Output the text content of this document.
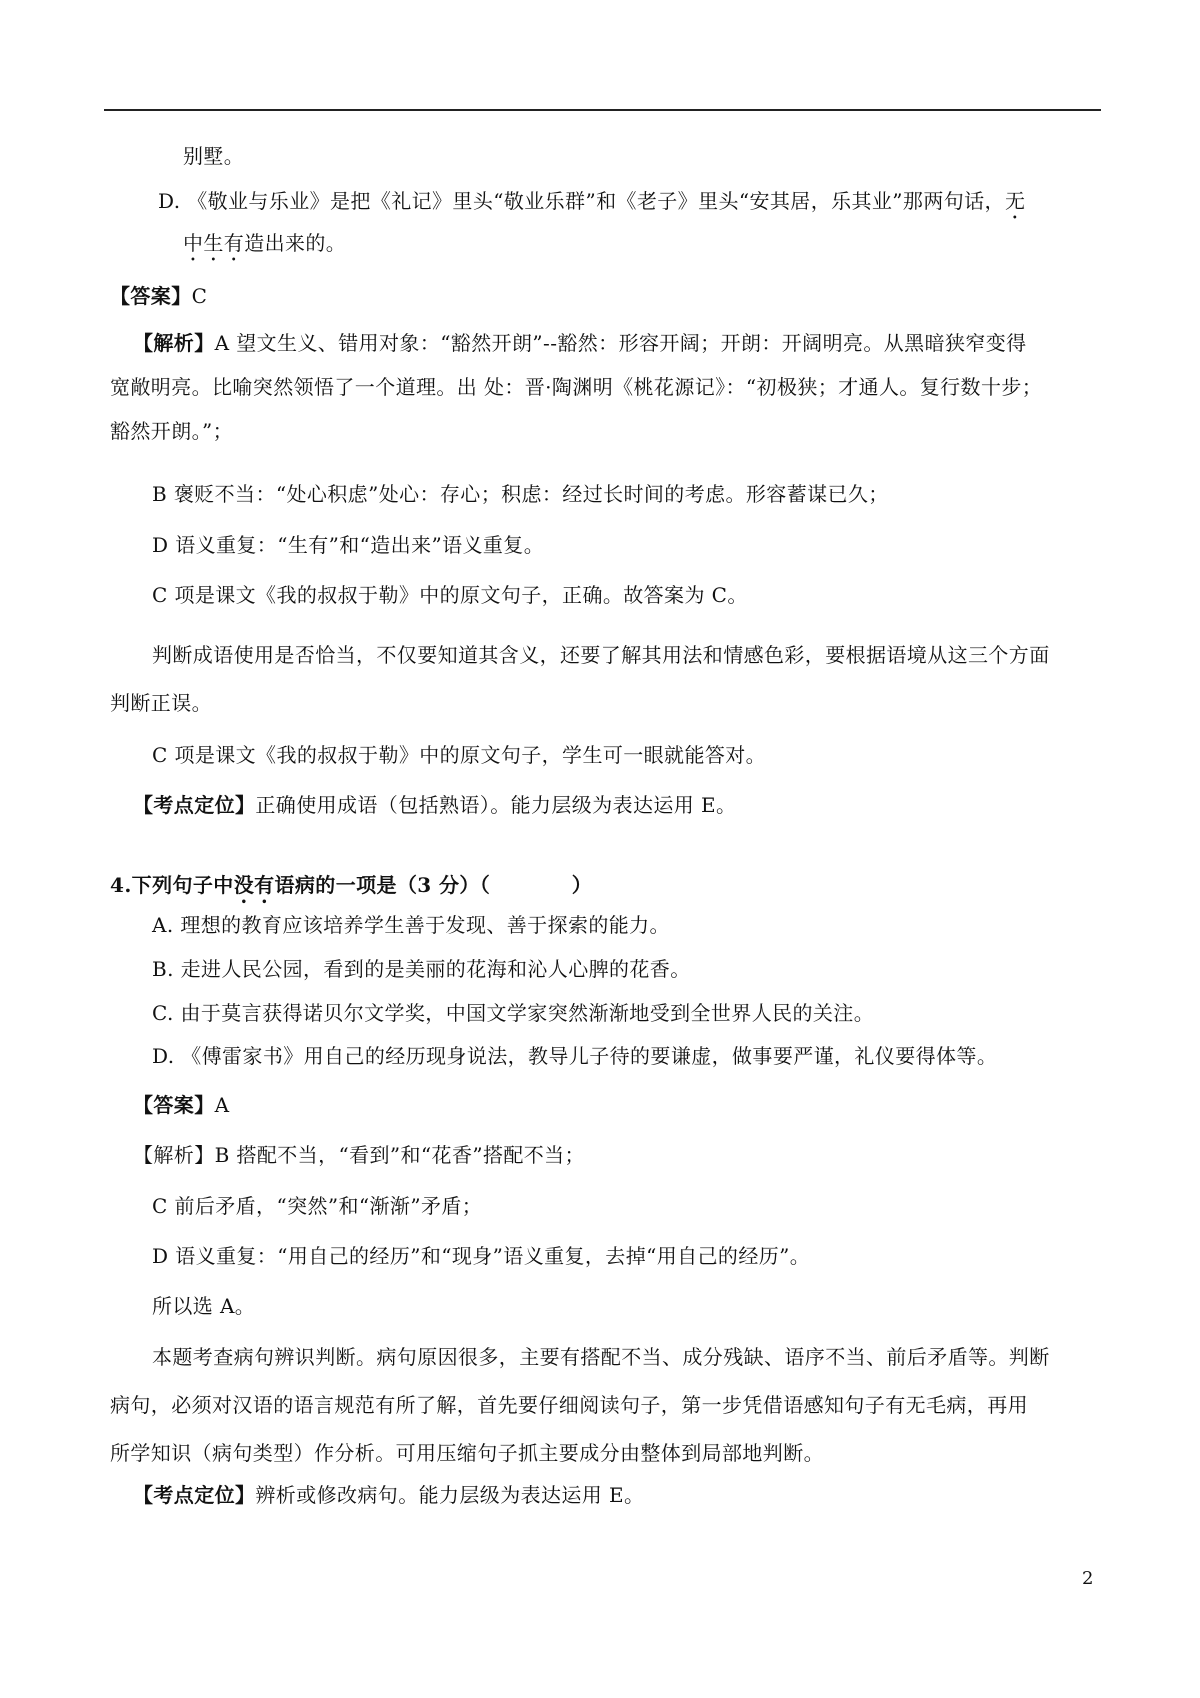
别墅。
D. 《敬业与乐业》是把《礼记》里头“敬业乐群”和《老子》里头“安其居，乐其业”那两句话，无
中生有造出来的。
【答案】C
【解析】A 望文生义、错用对象：“豁然开朗”--豁然：形容开阔；开朗：开阔明亮。从黑暗狭窄变得
宽敞明亮。比喻突然领悟了一个道理。出 处：晋·陶渊明《桃花源记》：“初极狭；才通人。复行数十步；
豁然开朗。”；
B 褒贬不当：“处心积虑”处心：存心；积虑：经过长时间的考虑。形容蓄谋已久；
D 语义重复：“生有”和“造出来”语义重复。
C 项是课文《我的叔叔于勒》中的原文句子，正确。故答案为 C。
判断成语使用是否恰当，不仅要知道其含义，还要了解其用法和情感色彩，要根据语境从这三个方面
判断正误。
C 项是课文《我的叔叔于勒》中的原文句子，学生可一眼就能答对。
【考点定位】正确使用成语（包括熟语）。能力层级为表达运用 E。
4.下列句子中没有语病的一项是（3 分）（　　　　）
A. 理想的教育应该培养学生善于发现、善于探索的能力。
B. 走进人民公园，看到的是美丽的花海和沁人心脾的花香。
C. 由于莫言获得诺贝尔文学奖，中国文学家突然渐渐地受到全世界人民的关注。
D. 《傅雷家书》用自己的经历现身说法，教导儿子待的要谦虚，做事要严谨，礼仪要得体等。
【答案】A
【解析】B 搭配不当，“看到”和“花香”搭配不当；
C 前后矛盾，“突然”和“渐渐”矛盾；
D 语义重复：“用自己的经历”和“现身”语义重复，去掉“用自己的经历”。
所以选 A。
本题考查病句辨识判断。病句原因很多，主要有搭配不当、成分残缺、语序不当、前后矛盾等。判断
病句，必须对汉语的语言规范有所了解，首先要仔细阅读句子，第一步凭借语感知句子有无毛病，再用
所学知识（病句类型）作分析。可用压缩句子抓主要成分由整体到局部地判断。
【考点定位】辨析或修改病句。能力层级为表达运用 E。
2
